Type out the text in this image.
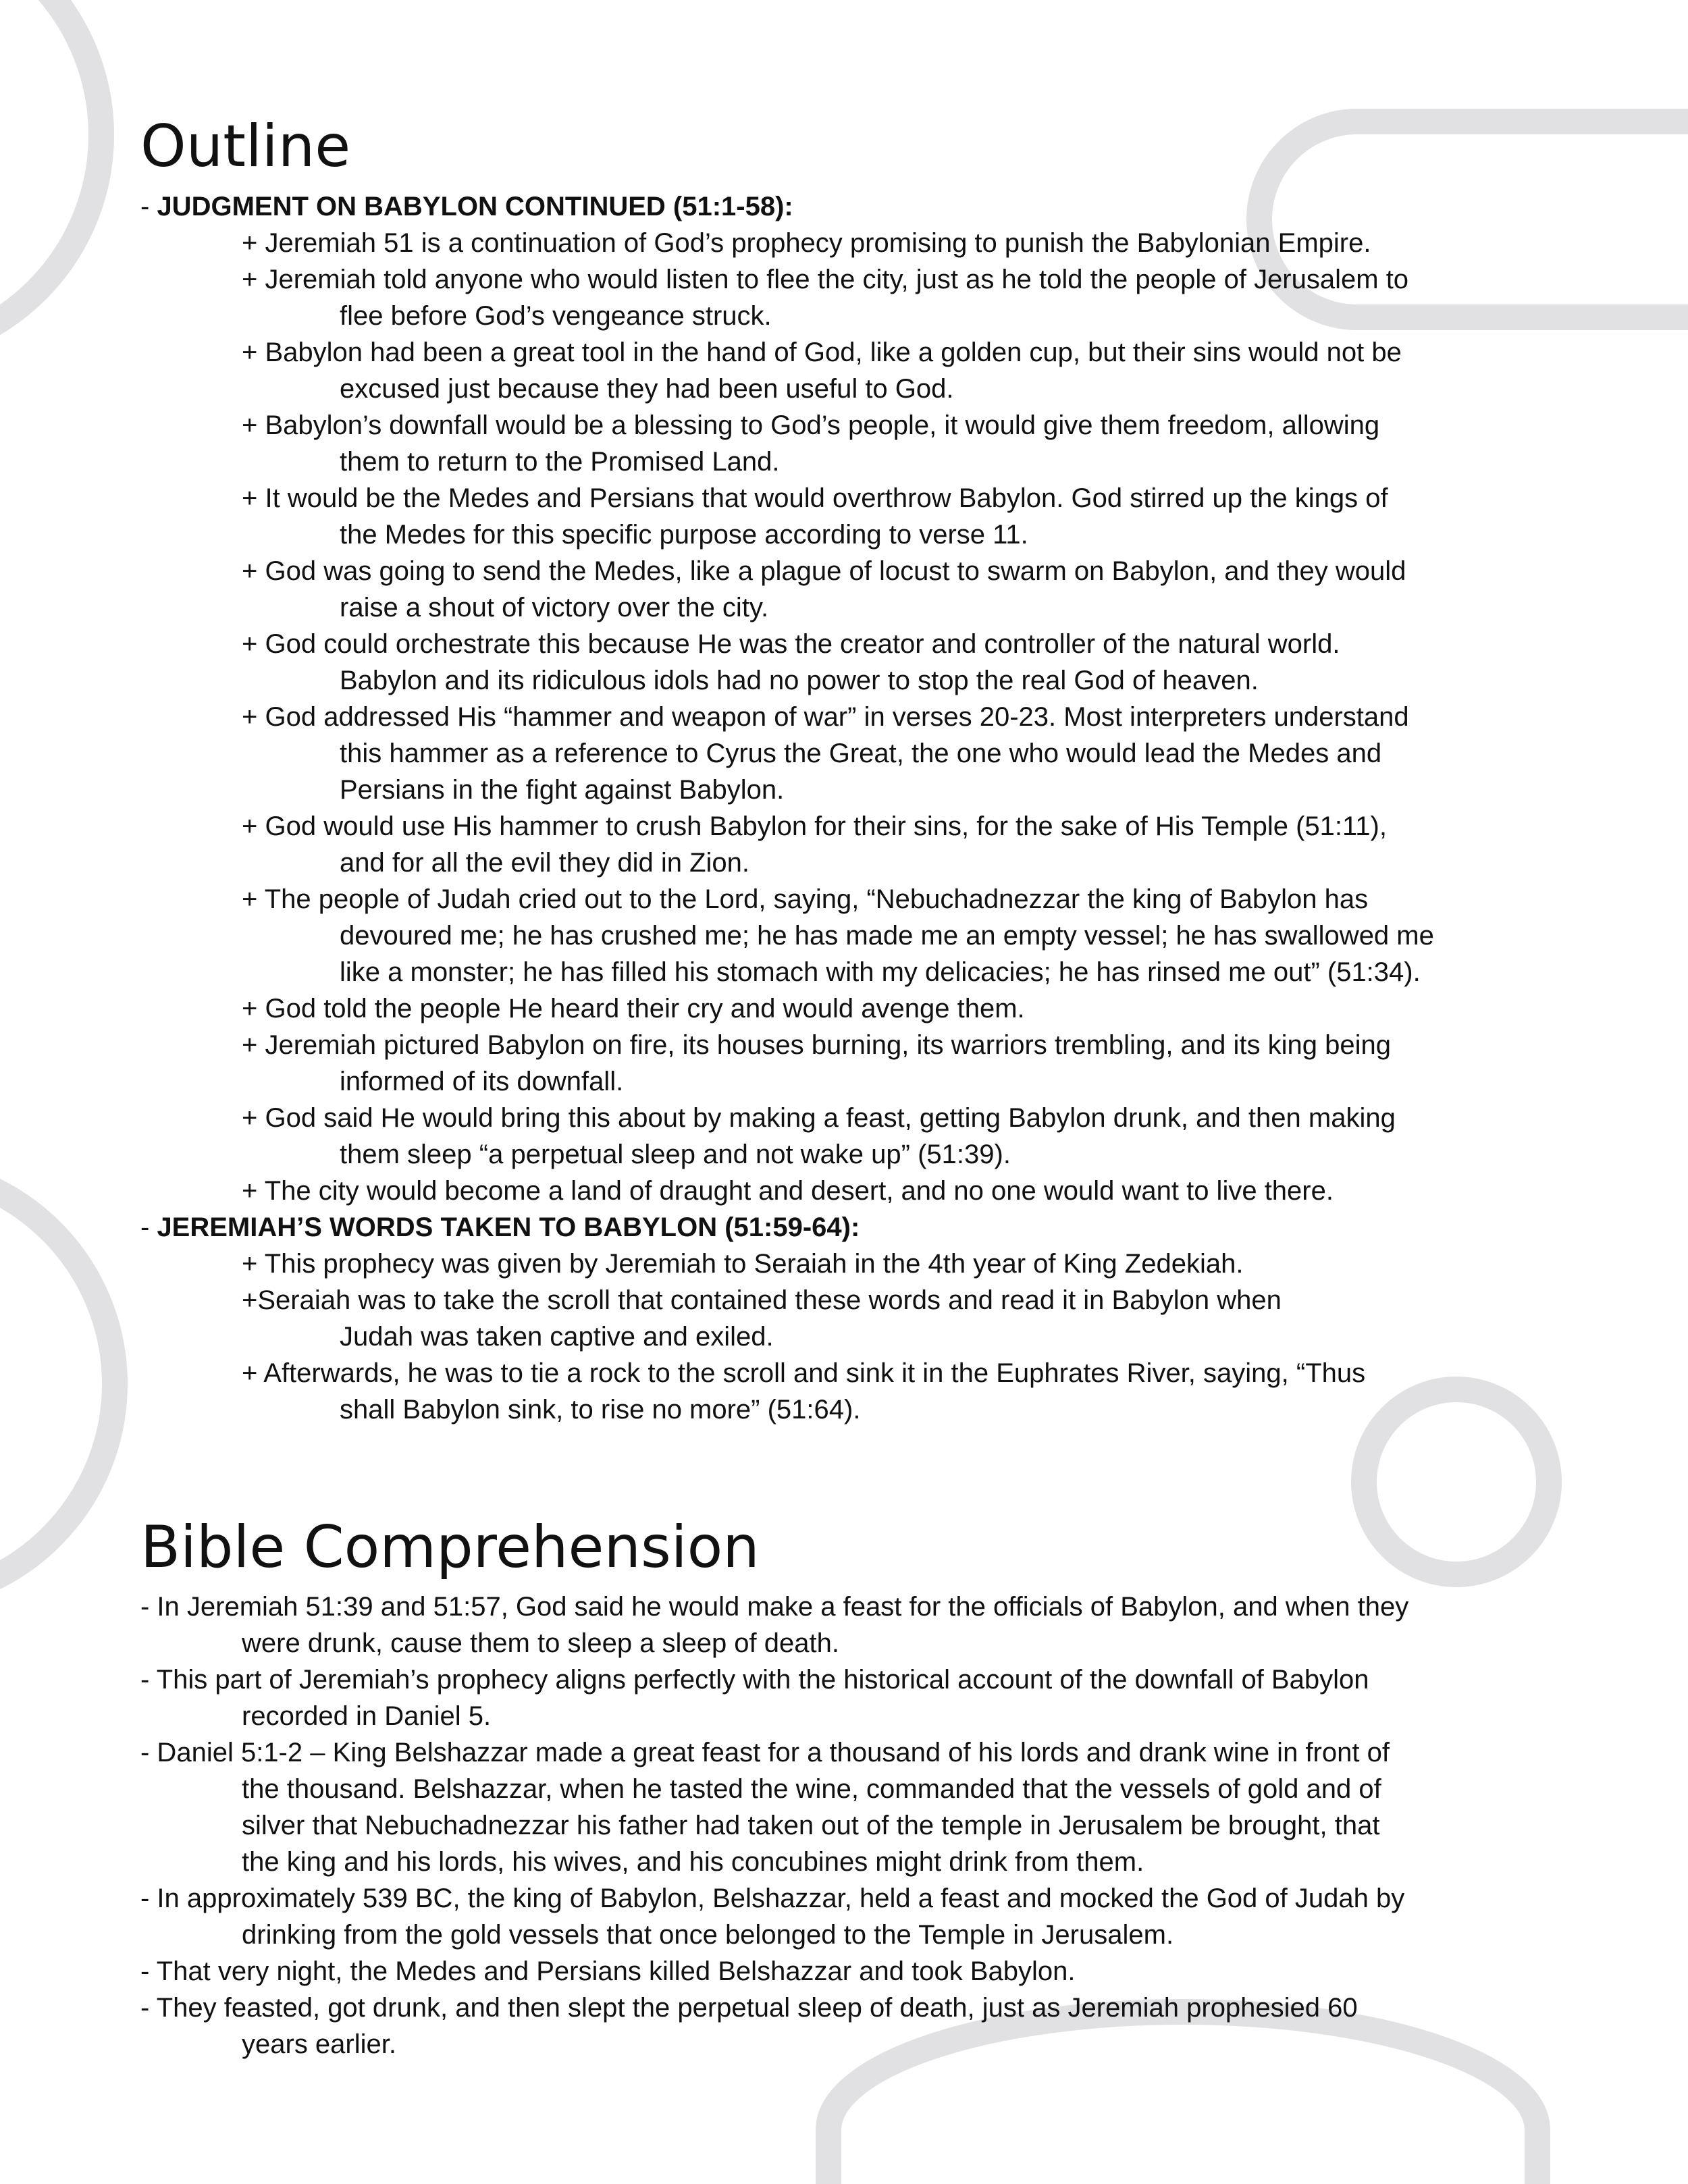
Outline
- JUDGMENT ON BABYLON CONTINUED (51:1-58):
+ Jeremiah 51 is a continuation of God’s prophecy promising to punish the Babylonian Empire.
+ Jeremiah told anyone who would listen to flee the city, just as he told the people of Jerusalem to
flee before God’s vengeance struck.
+ Babylon had been a great tool in the hand of God, like a golden cup, but their sins would not be
excused just because they had been useful to God.
+ Babylon’s downfall would be a blessing to God’s people, it would give them freedom, allowing
them to return to the Promised Land.
+ It would be the Medes and Persians that would overthrow Babylon. God stirred up the kings of
the Medes for this specific purpose according to verse 11.
+ God was going to send the Medes, like a plague of locust to swarm on Babylon, and they would
raise a shout of victory over the city.
+ God could orchestrate this because He was the creator and controller of the natural world.
Babylon and its ridiculous idols had no power to stop the real God of heaven.
+ God addressed His “hammer and weapon of war” in verses 20-23. Most interpreters understand
this hammer as a reference to Cyrus the Great, the one who would lead the Medes and
Persians in the fight against Babylon.
+ God would use His hammer to crush Babylon for their sins, for the sake of His Temple (51:11),
and for all the evil they did in Zion.
+ The people of Judah cried out to the Lord, saying, “Nebuchadnezzar the king of Babylon has
devoured me; he has crushed me; he has made me an empty vessel; he has swallowed me
like a monster; he has filled his stomach with my delicacies; he has rinsed me out” (51:34).
+ God told the people He heard their cry and would avenge them.
+ Jeremiah pictured Babylon on fire, its houses burning, its warriors trembling, and its king being
informed of its downfall.
+ God said He would bring this about by making a feast, getting Babylon drunk, and then making
them sleep “a perpetual sleep and not wake up” (51:39).
+ The city would become a land of draught and desert, and no one would want to live there.
- JEREMIAH’S WORDS TAKEN TO BABYLON (51:59-64):
+ This prophecy was given by Jeremiah to Seraiah in the 4th year of King Zedekiah.
+Seraiah was to take the scroll that contained these words and read it in Babylon when
Judah was taken captive and exiled.
+ Afterwards, he was to tie a rock to the scroll and sink it in the Euphrates River, saying, “Thus
shall Babylon sink, to rise no more” (51:64).
Bible Comprehension
- In Jeremiah 51:39 and 51:57, God said he would make a feast for the officials of Babylon, and when they
were drunk, cause them to sleep a sleep of death.
- This part of Jeremiah’s prophecy aligns perfectly with the historical account of the downfall of Babylon
recorded in Daniel 5.
- Daniel 5:1-2 – King Belshazzar made a great feast for a thousand of his lords and drank wine in front of
the thousand. Belshazzar, when he tasted the wine, commanded that the vessels of gold and of
silver that Nebuchadnezzar his father had taken out of the temple in Jerusalem be brought, that
the king and his lords, his wives, and his concubines might drink from them.
- In approximately 539 BC, the king of Babylon, Belshazzar, held a feast and mocked the God of Judah by
drinking from the gold vessels that once belonged to the Temple in Jerusalem.
- That very night, the Medes and Persians killed Belshazzar and took Babylon.
- They feasted, got drunk, and then slept the perpetual sleep of death, just as Jeremiah prophesied 60
years earlier.
